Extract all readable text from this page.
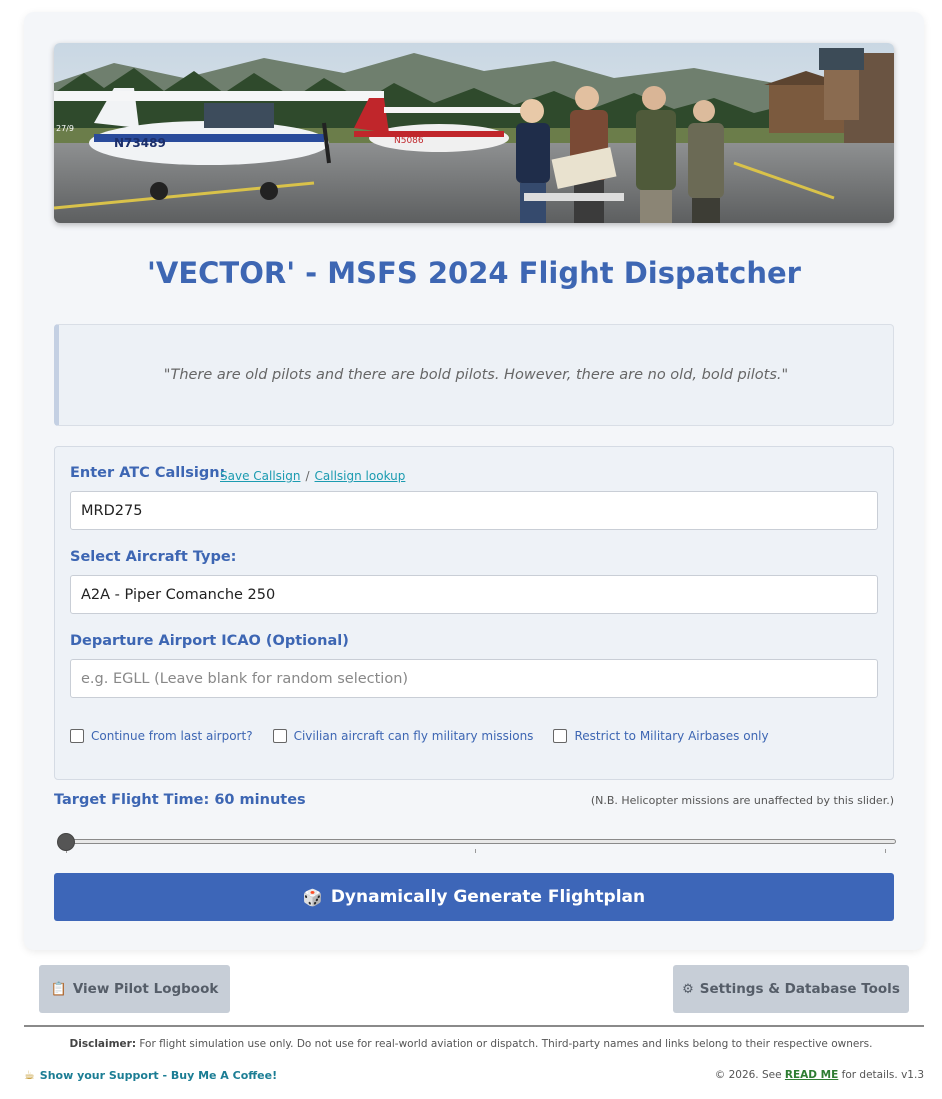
N73489	N5086
27/9
'VECTOR' - MSFS 2024 Flight Dispatcher
"There are old pilots and there are bold pilots. However, there are no old, bold pilots."
Enter ATC Callsign:
Save Callsign / Callsign lookup
MRD275
Select Aircraft Type:
A2A - Piper Comanche 250
Departure Airport ICAO (Optional)
e.g. EGLL (Leave blank for random selection)
Continue from last airport?	Civilian aircraft can fly military missions	Restrict to Military Airbases only
Target Flight Time: 60 minutes	(N.B. Helicopter missions are unaffected by this slider.)
🎲 Dynamically Generate Flightplan
📋 View Pilot Logbook	⚙ Settings & Database Tools
Disclaimer: For flight simulation use only. Do not use for real-world aviation or dispatch. Third-party names and links belong to their respective owners.
☕ Show your Support - Buy Me A Coffee!	© 2026. See READ ME for details. v1.3
